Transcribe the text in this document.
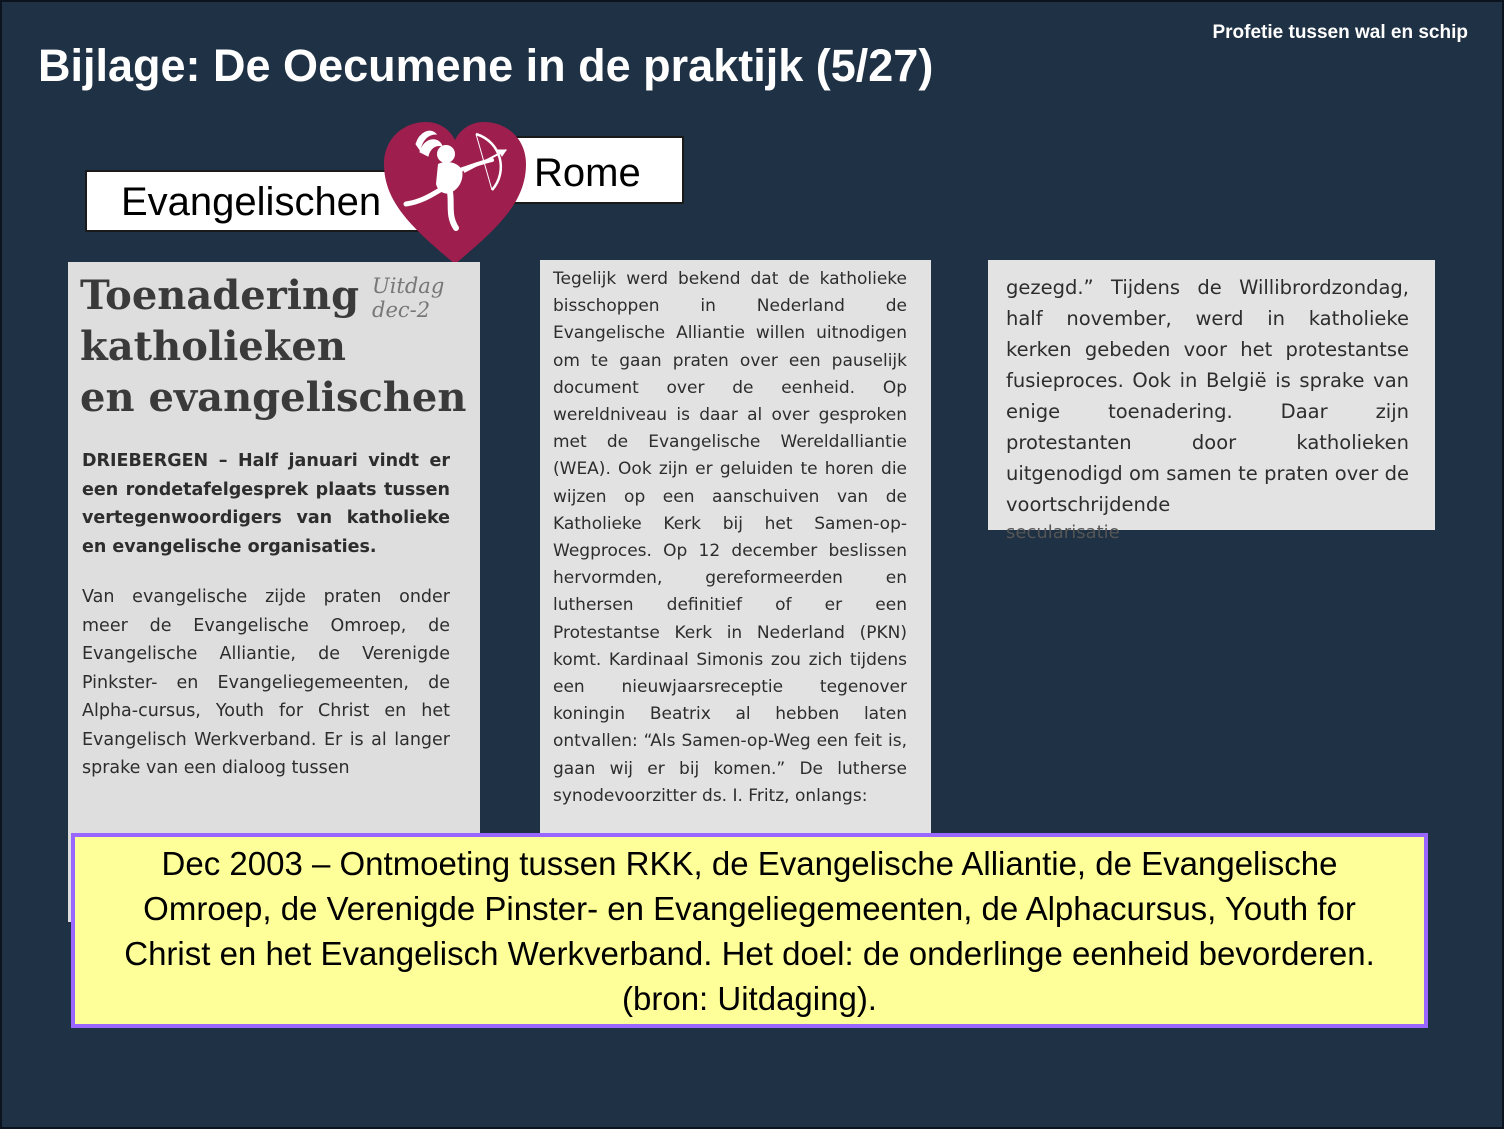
Profetie tussen wal en schip
Bijlage: De Oecumene in de praktijk (5/27)
Rome
Evangelischen
Uitdag
dec-2
Toenadering
katholieken
en evangelischen

DRIEBERGEN – Half januari vindt er een rondetafelgesprek plaats tussen vertegenwoordigers van katholieke en evangelische organisaties.
Van evangelische zijde praten onder meer de Evangelische Omroep, de Evangelische Alliantie, de Verenigde Pinkster- en Evangeliegemeenten, de Alpha-cursus, Youth for Christ en het Evangelisch Werkverband. Er is al langer sprake van een dialoog tussen
Tegelijk werd bekend dat de katholieke bisschoppen in Nederland de Evangelische Alliantie willen uitnodigen om te gaan praten over een pauselijk document over de eenheid. Op wereldniveau is daar al over gesproken met de Evangelische Wereldalliantie (WEA). Ook zijn er geluiden te horen die wijzen op een aanschuiven van de Katholieke Kerk bij het Samen-op-Wegproces. Op 12 december beslissen hervormden, gereformeerden en luthersen definitief of er een Protestantse Kerk in Nederland (PKN) komt. Kardinaal Simonis zou zich tijdens een nieuwjaarsreceptie tegenover koningin Beatrix al hebben laten ontvallen: “Als Samen-op-Weg een feit is, gaan wij er bij komen.” De lutherse synodevoorzitter ds. I. Fritz, onlangs:
gezegd.” Tijdens de Willibrordzondag, half november, werd in katholieke kerken gebeden voor het protestantse fusieproces. Ook in België is sprake van enige toenadering. Daar zijn protestanten door katholieken uitgenodigd om samen te praten over de voortschrijdende
secularisatie

Dec 2003 – Ontmoeting tussen RKK, de Evangelische Alliantie, de Evangelische Omroep, de Verenigde Pinster- en Evangeliegemeenten, de Alphacursus, Youth for Christ en het Evangelisch Werkverband. Het doel: de onderlinge eenheid bevorderen. (bron: Uitdaging).
